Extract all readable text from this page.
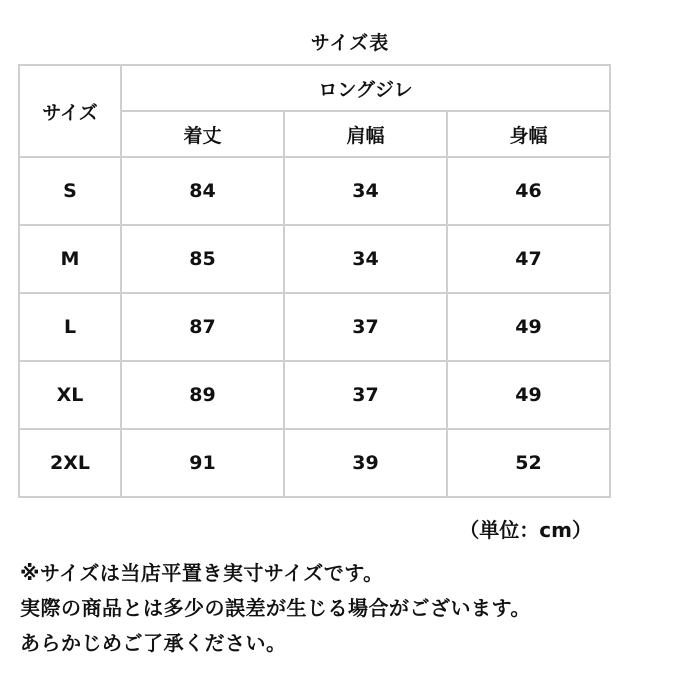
サイズ表
サイズ	ロングジレ		
	着丈	肩幅	身幅
S	84	34	46
M	85	34	47
L	87	37	49
XL	89	37	49
2XL	91	39	52
（単位：cm）
※サイズは当店平置き実寸サイズです。
実際の商品とは多少の誤差が生じる場合がございます。
あらかじめご了承ください。
